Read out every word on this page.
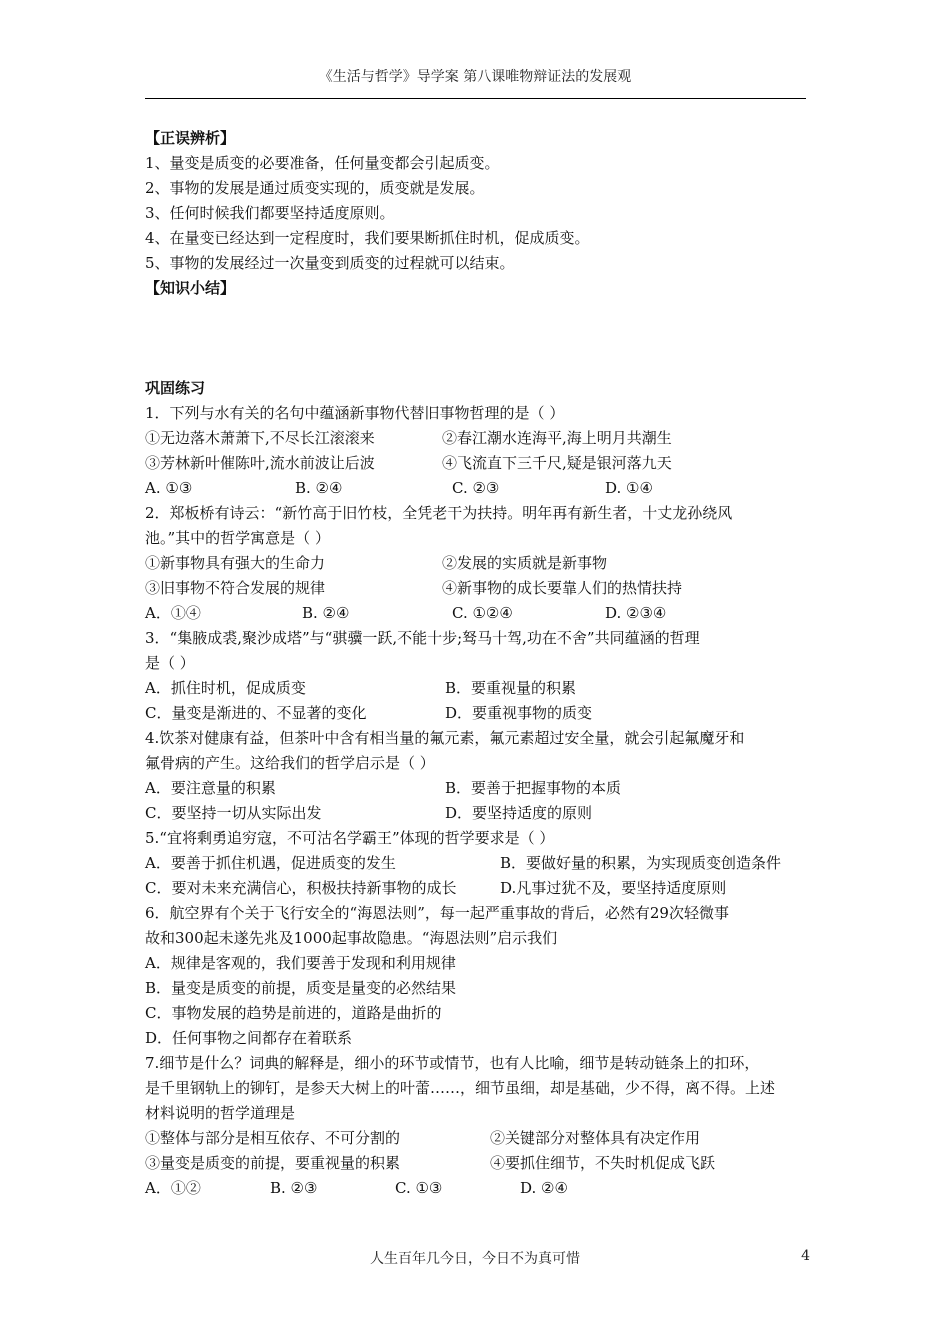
《生活与哲学》导学案 第八课唯物辩证法的发展观
【正误辨析】
1、量变是质变的必要准备，任何量变都会引起质变。
2、事物的发展是通过质变实现的，质变就是发展。
3、任何时候我们都要坚持适度原则。
4、在量变已经达到一定程度时，我们要果断抓住时机，促成质变。
5、事物的发展经过一次量变到质变的过程就可以结束。
【知识小结】
巩固练习
1．下列与水有关的名句中蕴涵新事物代替旧事物哲理的是（ ）
①无边落木萧萧下,不尽长江滚滚来	②春江潮水连海平,海上明月共潮生
③芳林新叶催陈叶,流水前波让后波	④飞流直下三千尺,疑是银河落九天
A. ①③	B. ②④	C. ②③	D. ①④
2．郑板桥有诗云：“新竹高于旧竹枝，全凭老干为扶持。明年再有新生者，十丈龙孙绕风
池。”其中的哲学寓意是（ ）
①新事物具有强大的生命力	②发展的实质就是新事物
③旧事物不符合发展的规律	④新事物的成长要靠人们的热情扶持
A．①④	B. ②④	C. ①②④	D. ②③④
3．“集腋成裘,聚沙成塔”与“骐骥一跃,不能十步;驽马十驾,功在不舍”共同蕴涵的哲理
是（ ）
A．抓住时机，促成质变	B．要重视量的积累
C．量变是渐进的、不显著的变化	D．要重视事物的质变
4.饮茶对健康有益，但茶叶中含有相当量的氟元素，氟元素超过安全量，就会引起氟魔牙和
氟骨病的产生。这给我们的哲学启示是（ ）
A．要注意量的积累	B．要善于把握事物的本质
C．要坚持一切从实际出发	D．要坚持适度的原则
5.“宜将剩勇追穷寇，不可沽名学霸王”体现的哲学要求是（ ）
A．要善于抓住机遇，促进质变的发生	B．要做好量的积累，为实现质变创造条件
C．要对未来充满信心，积极扶持新事物的成长	D.凡事过犹不及，要坚持适度原则
6．航空界有个关于飞行安全的“海恩法则”，每一起严重事故的背后，必然有29次轻微事
故和300起未遂先兆及1000起事故隐患。“海恩法则”启示我们
A．规律是客观的，我们要善于发现和利用规律
B．量变是质变的前提，质变是量变的必然结果
C．事物发展的趋势是前进的，道路是曲折的
D．任何事物之间都存在着联系
7.细节是什么？词典的解释是，细小的环节或情节，也有人比喻，细节是转动链条上的扣环，
是千里钢轨上的铆钉，是参天大树上的叶蕾……，细节虽细，却是基础，少不得，离不得。上述
材料说明的哲学道理是
①整体与部分是相互依存、不可分割的	②关键部分对整体具有决定作用
③量变是质变的前提，要重视量的积累	④要抓住细节，不失时机促成飞跃
A．①②	B. ②③	C. ①③	D. ②④
人生百年几今日，今日不为真可惜	4
